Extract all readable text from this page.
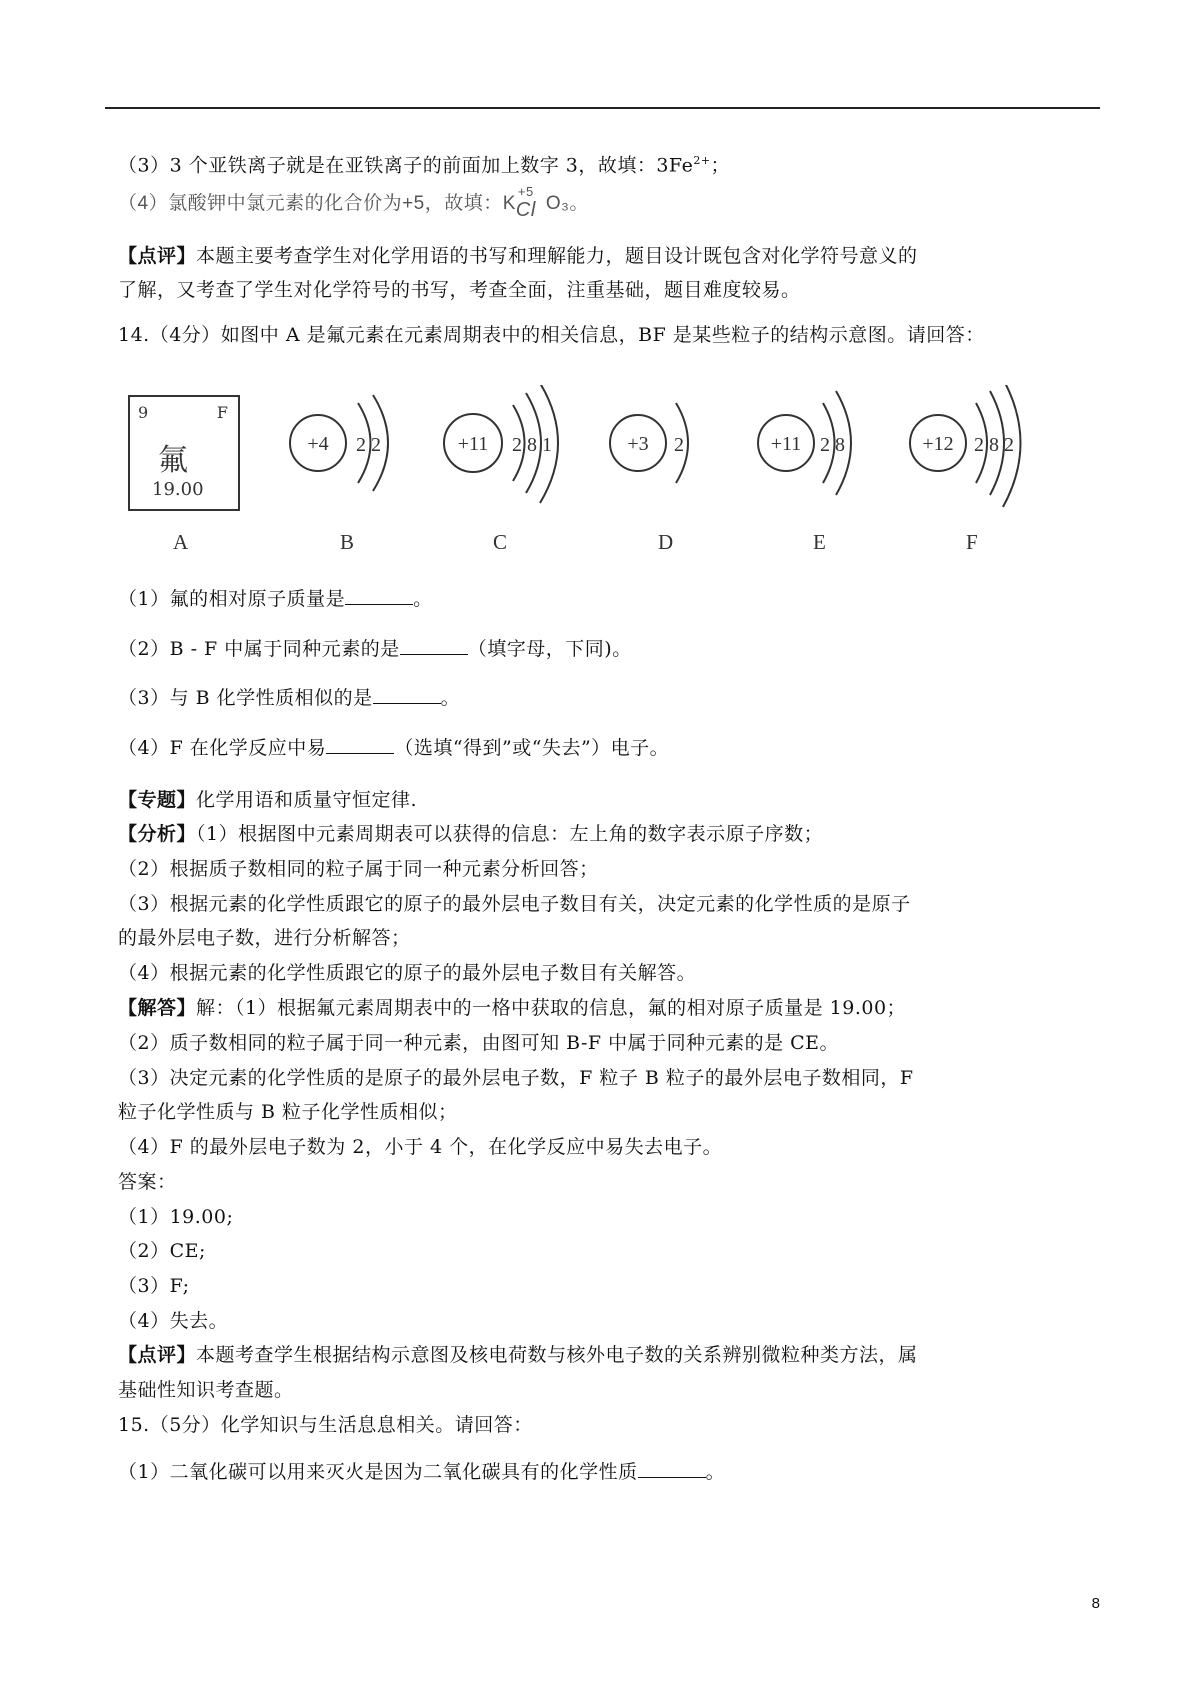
（3）3 个亚铁离子就是在亚铁离子的前面加上数字 3，故填：$3Fe^{2+}$；
（4）氯酸钾中氯元素的化合价为+5，故填：K
+5
Cl O₃。
【点评】本题主要考查学生对化学用语的书写和理解能力，题目设计既包含对化学符号意义的
了解，又考查了学生对化学符号的书写，考查全面，注重基础，题目难度较易。
14.（4分）如图中 A 是氟元素在元素周期表中的相关信息，BF 是某些粒子的结构示意图。请回答：
9	F
氟
19.00
+4 2 2	+11 2 8 1	+3 2	+11 2 8	+12 2 8 2
A	B	C	D	E	F
（1）氟的相对原子质量是	。
（2）B - F 中属于同种元素的是	（填字母，下同)。
（3）与 B 化学性质相似的是	。
（4）F 在化学反应中易	（选填“得到”或“失去”）电子。
【专题】化学用语和质量守恒定律.
【分析】（1）根据图中元素周期表可以获得的信息：左上角的数字表示原子序数；
（2）根据质子数相同的粒子属于同一种元素分析回答；
（3）根据元素的化学性质跟它的原子的最外层电子数目有关，决定元素的化学性质的是原子
的最外层电子数，进行分析解答；
（4）根据元素的化学性质跟它的原子的最外层电子数目有关解答。
【解答】解：（1）根据氟元素周期表中的一格中获取的信息，氟的相对原子质量是 19.00；
（2）质子数相同的粒子属于同一种元素，由图可知 B-F 中属于同种元素的是 CE。
（3）决定元素的化学性质的是原子的最外层电子数，F 粒子 B 粒子的最外层电子数相同，F
粒子化学性质与 B 粒子化学性质相似；
（4）F 的最外层电子数为 2，小于 4 个，在化学反应中易失去电子。
答案：
（1）19.00;
（2）CE;
（3）F;
（4）失去。
【点评】本题考查学生根据结构示意图及核电荷数与核外电子数的关系辨别微粒种类方法，属
基础性知识考查题。
15.（5分）化学知识与生活息息相关。请回答：
（1）二氧化碳可以用来灭火是因为二氧化碳具有的化学性质	。
8
